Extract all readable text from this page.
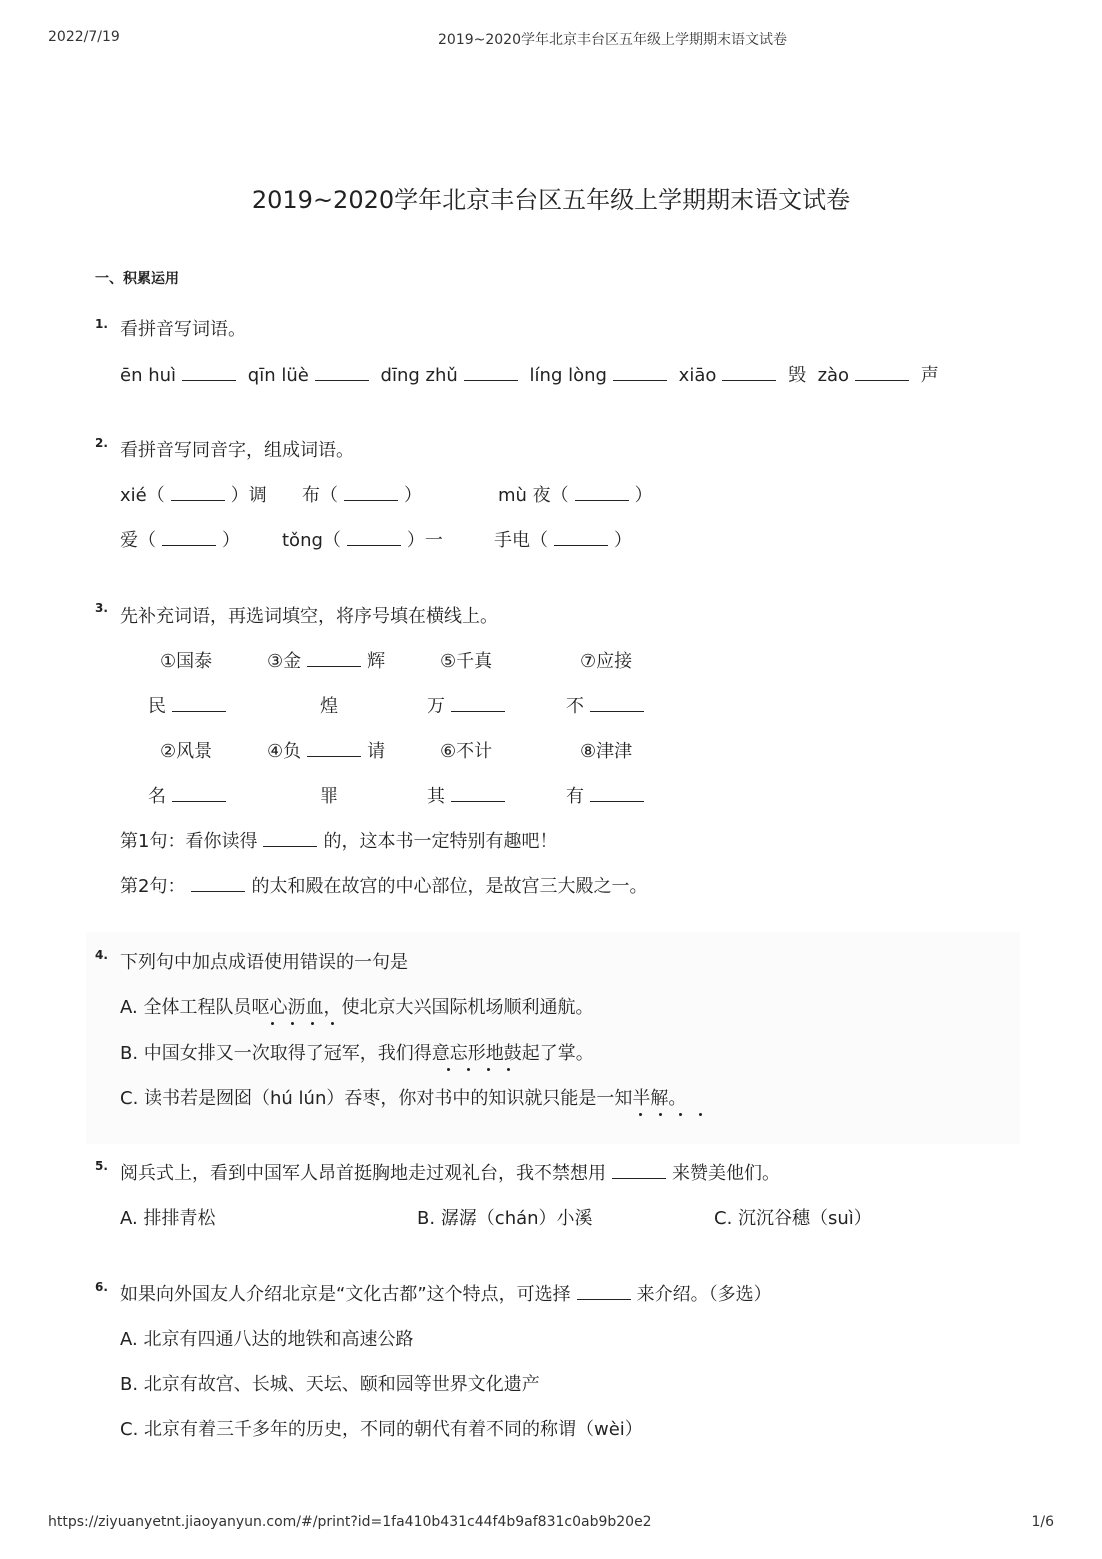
2022/7/19	2019~2020学年北京丰台区五年级上学期期末语文试卷
https://ziyuanyetnt.jiaoyanyun.com/#/print?id=1fa410b431c44f4b9af831c0ab9b20e2	1/6
2019~2020学年北京丰台区五年级上学期期末语文试卷
一、积累运用
1. 看拼音写词语。
ēn huì	qīn lüè	dīng zhǔ	líng lòng	xiāo	毁 zào	声
2. 看拼音写同音字，组成词语。
xié（	）调 布（	）	mù 夜（	）
爱（	） tǒng（	）一	手电（	）
3. 先补充词语，再选词填空，将序号填在横线上。
①国泰	③金	辉	⑤千真	⑦应接
民	煌	万	不
②风景	④负	请	⑥不计	⑧津津
名	罪	其	有
第1句：看你读得	的，这本书一定特别有趣吧！
第2句：	的太和殿在故宫的中心部位，是故宫三大殿之一。
4. 下列句中加点成语使用错误的一句是
A. 全体工程队员呕心沥血，使北京大兴国际机场顺利通航。
B. 中国女排又一次取得了冠军，我们得意忘形地鼓起了掌。
C. 读书若是囫囵（hú lún）吞枣，你对书中的知识就只能是一知半解。
5. 阅兵式上，看到中国军人昂首挺胸地走过观礼台，我不禁想用	来赞美他们。
A. 排排青松	B. 潺潺（chán）小溪	C. 沉沉谷穗（suì）
6. 如果向外国友人介绍北京是“文化古都”这个特点，可选择	来介绍。（多选）
A. 北京有四通八达的地铁和高速公路
B. 北京有故宫、长城、天坛、颐和园等世界文化遗产
C. 北京有着三千多年的历史，不同的朝代有着不同的称谓（wèi）
